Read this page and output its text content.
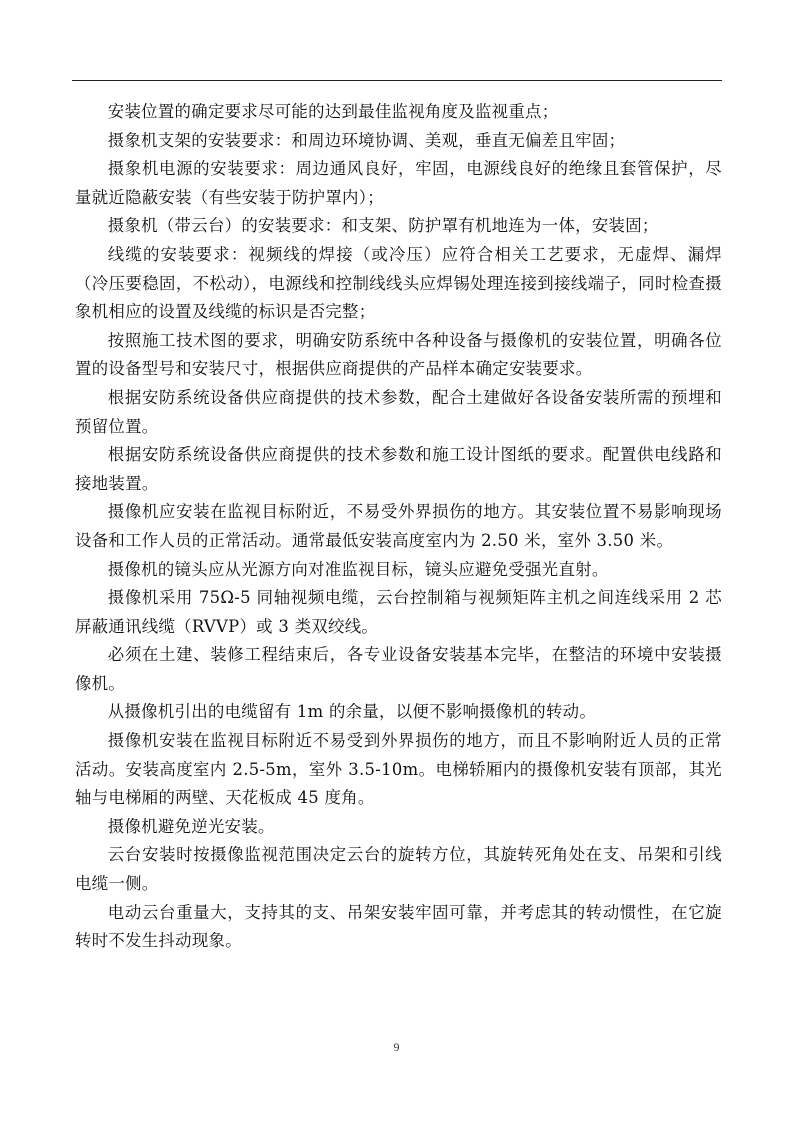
安装位置的确定要求尽可能的达到最佳监视角度及监视重点；

摄象机支架的安装要求：和周边环境协调、美观，垂直无偏差且牢固；

摄象机电源的安装要求：周边通风良好，牢固，电源线良好的绝缘且套管保护，尽量就近隐蔽安装（有些安装于防护罩内）；

摄象机（带云台）的安装要求：和支架、防护罩有机地连为一体，安装固；

线缆的安装要求：视频线的焊接（或冷压）应符合相关工艺要求，无虚焊、漏焊（冷压要稳固，不松动），电源线和控制线线头应焊锡处理连接到接线端子，同时检查摄象机相应的设置及线缆的标识是否完整；

按照施工技术图的要求，明确安防系统中各种设备与摄像机的安装位置，明确各位置的设备型号和安装尺寸，根据供应商提供的产品样本确定安装要求。

根据安防系统设备供应商提供的技术参数，配合土建做好各设备安装所需的预埋和预留位置。

根据安防系统设备供应商提供的技术参数和施工设计图纸的要求。配置供电线路和接地装置。

摄像机应安装在监视目标附近，不易受外界损伤的地方。其安装位置不易影响现场设备和工作人员的正常活动。通常最低安装高度室内为 2.50 米，室外 3.50 米。

摄像机的镜头应从光源方向对准监视目标，镜头应避免受强光直射。

摄像机采用 75Ω-5 同轴视频电缆，云台控制箱与视频矩阵主机之间连线采用 2 芯屏蔽通讯线缆（RVVP）或 3 类双绞线。

必须在土建、装修工程结束后，各专业设备安装基本完毕，在整洁的环境中安装摄像机。

从摄像机引出的电缆留有 1m 的余量，以便不影响摄像机的转动。

摄像机安装在监视目标附近不易受到外界损伤的地方，而且不影响附近人员的正常活动。安装高度室内 2.5-5m，室外 3.5-10m。电梯轿厢内的摄像机安装有顶部，其光轴与电梯厢的两壁、天花板成 45 度角。

摄像机避免逆光安装。

云台安装时按摄像监视范围决定云台的旋转方位，其旋转死角处在支、吊架和引线电缆一侧。

电动云台重量大，支持其的支、吊架安装牢固可靠，并考虑其的转动惯性，在它旋转时不发生抖动现象。

9
